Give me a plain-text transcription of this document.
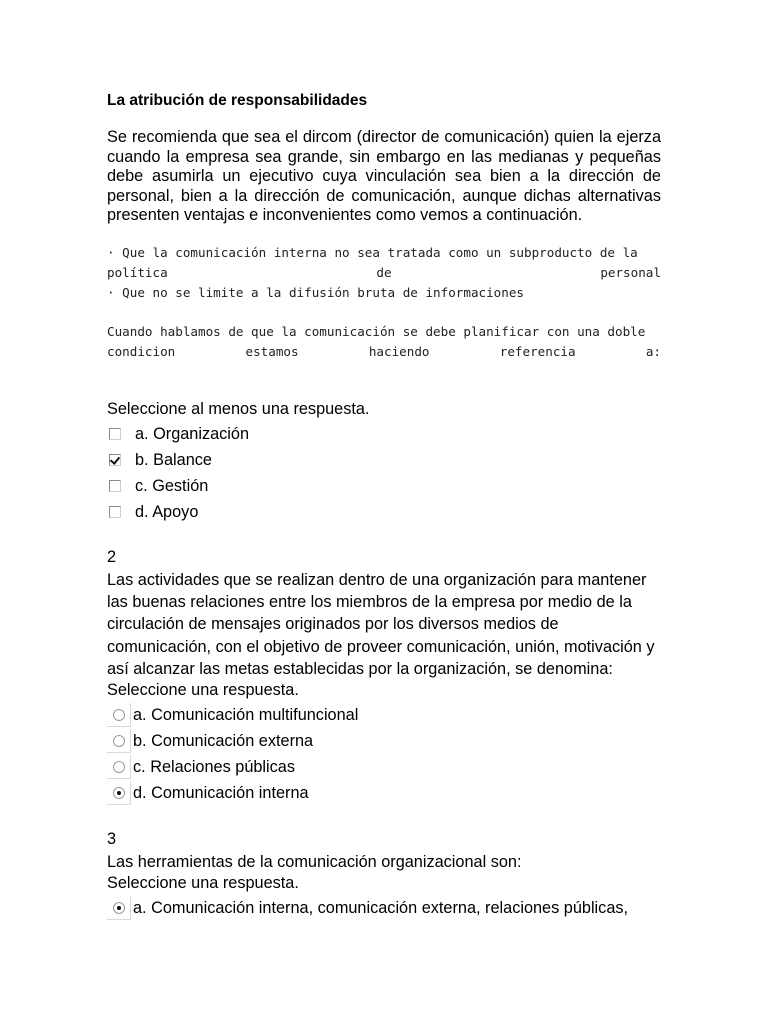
La atribución de responsabilidades

Se recomienda que sea el dircom (director de comunicación) quien la ejerza cuando la empresa sea grande, sin embargo en las medianas y pequeñas debe asumirla un ejecutivo cuya vinculación sea bien a la dirección de personal, bien a la dirección de comunicación, aunque dichas alternativas presenten ventajas e inconvenientes como vemos a continuación.

· Que la comunicación interna no sea tratada como un subproducto de la
política	de	personal
· Que no se limite a la difusión bruta de informaciones
Cuando hablamos de que la comunicación se debe planificar con una doble
condicion	estamos	haciendo	referencia	a:

Seleccione al menos una respuesta.

a. Organización
b. Balance
c. Gestión
d. Apoyo

2

Las actividades que se realizan dentro de una organización para mantener las buenas relaciones entre los miembros de la empresa por medio de la circulación de mensajes originados por los diversos medios de comunicación, con el objetivo de proveer comunicación, unión, motivación y así alcanzar las metas establecidas por la organización, se denomina:

Seleccione una respuesta.

a. Comunicación multifuncional
b. Comunicación externa
c. Relaciones públicas
d. Comunicación interna

3

Las herramientas de la comunicación organizacional son:

Seleccione una respuesta.

a. Comunicación interna, comunicación externa, relaciones públicas,
